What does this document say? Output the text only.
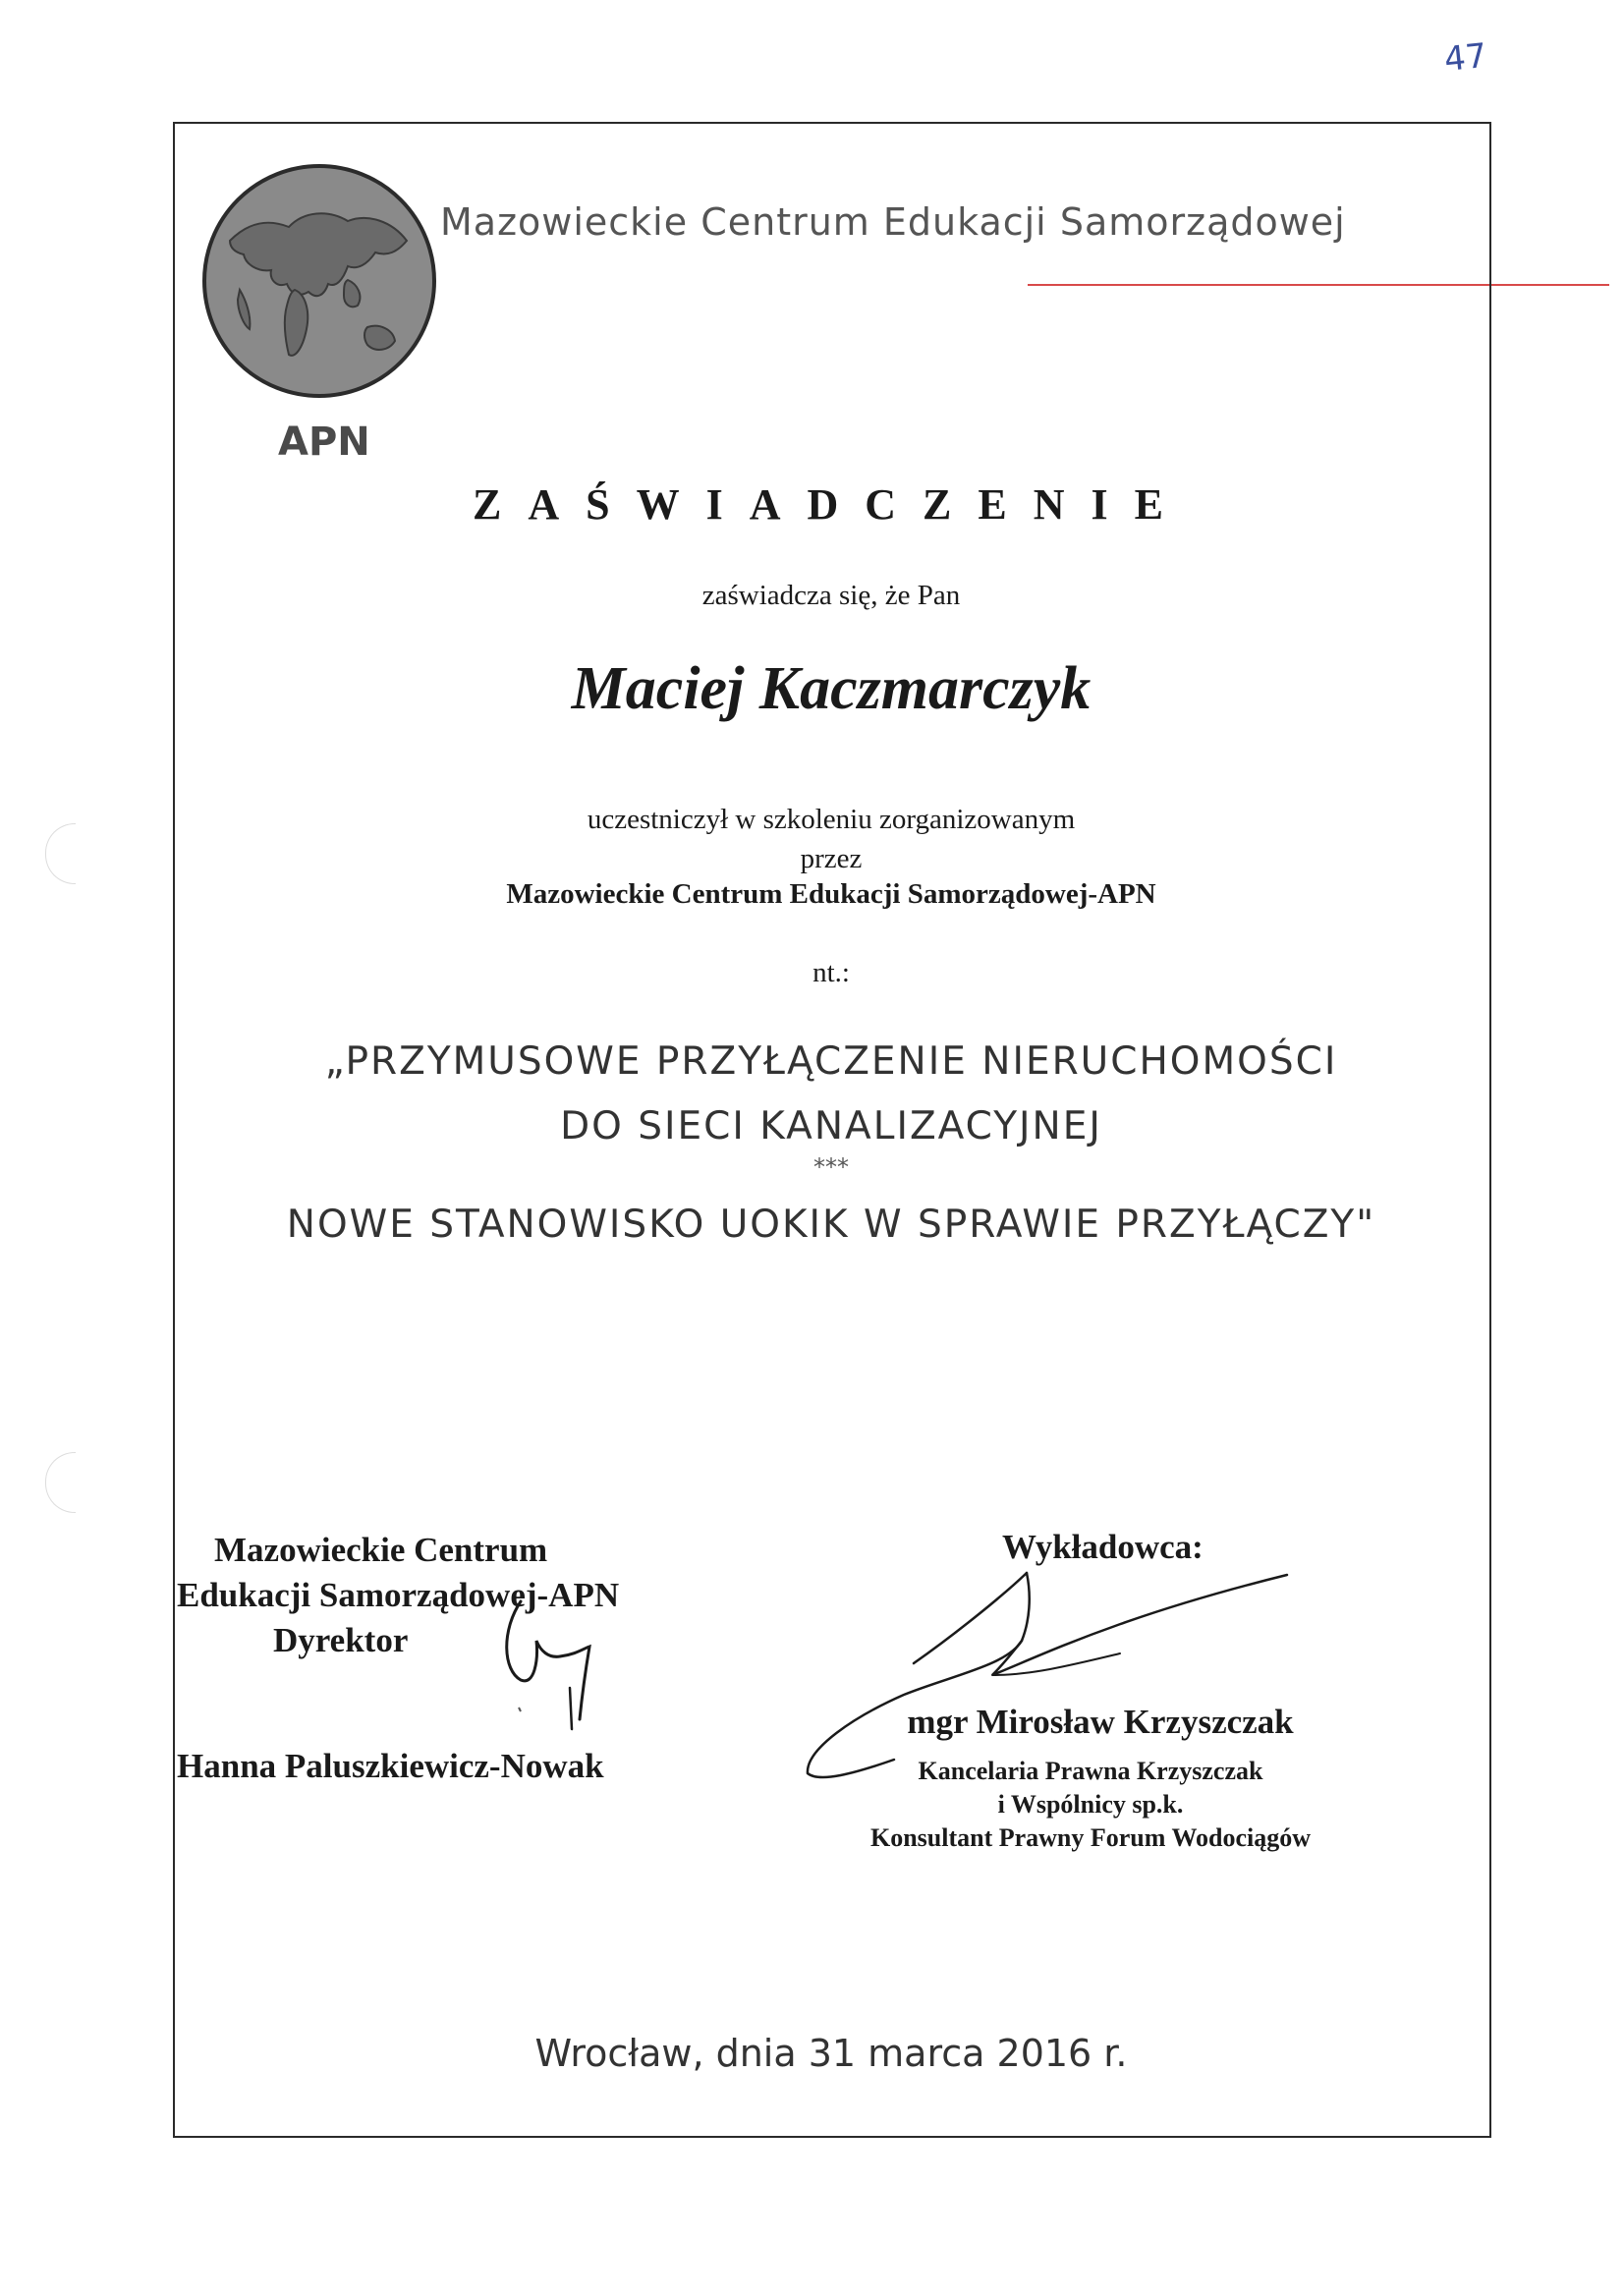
47
Mazowieckie Centrum Edukacji Samorządowej
APN
ZAŚWIADCZENIE
zaświadcza się, że Pan
Maciej Kaczmarczyk
uczestniczył w szkoleniu zorganizowanym
przez
Mazowieckie Centrum Edukacji Samorządowej-APN
nt.:
„PRZYMUSOWE PRZYŁĄCZENIE NIERUCHOMOŚCI
DO SIECI KANALIZACYJNEJ
***
NOWE STANOWISKO UOKIK W SPRAWIE PRZYŁĄCZY"
Mazowieckie Centrum
Edukacji Samorządowej-APN
Dyrektor
Hanna Paluszkiewicz-Nowak
Wykładowca:
mgr Mirosław Krzyszczak
Kancelaria Prawna Krzyszczak
i Wspólnicy sp.k.
Konsultant Prawny Forum Wodociągów
Wrocław, dnia 31 marca 2016 r.
